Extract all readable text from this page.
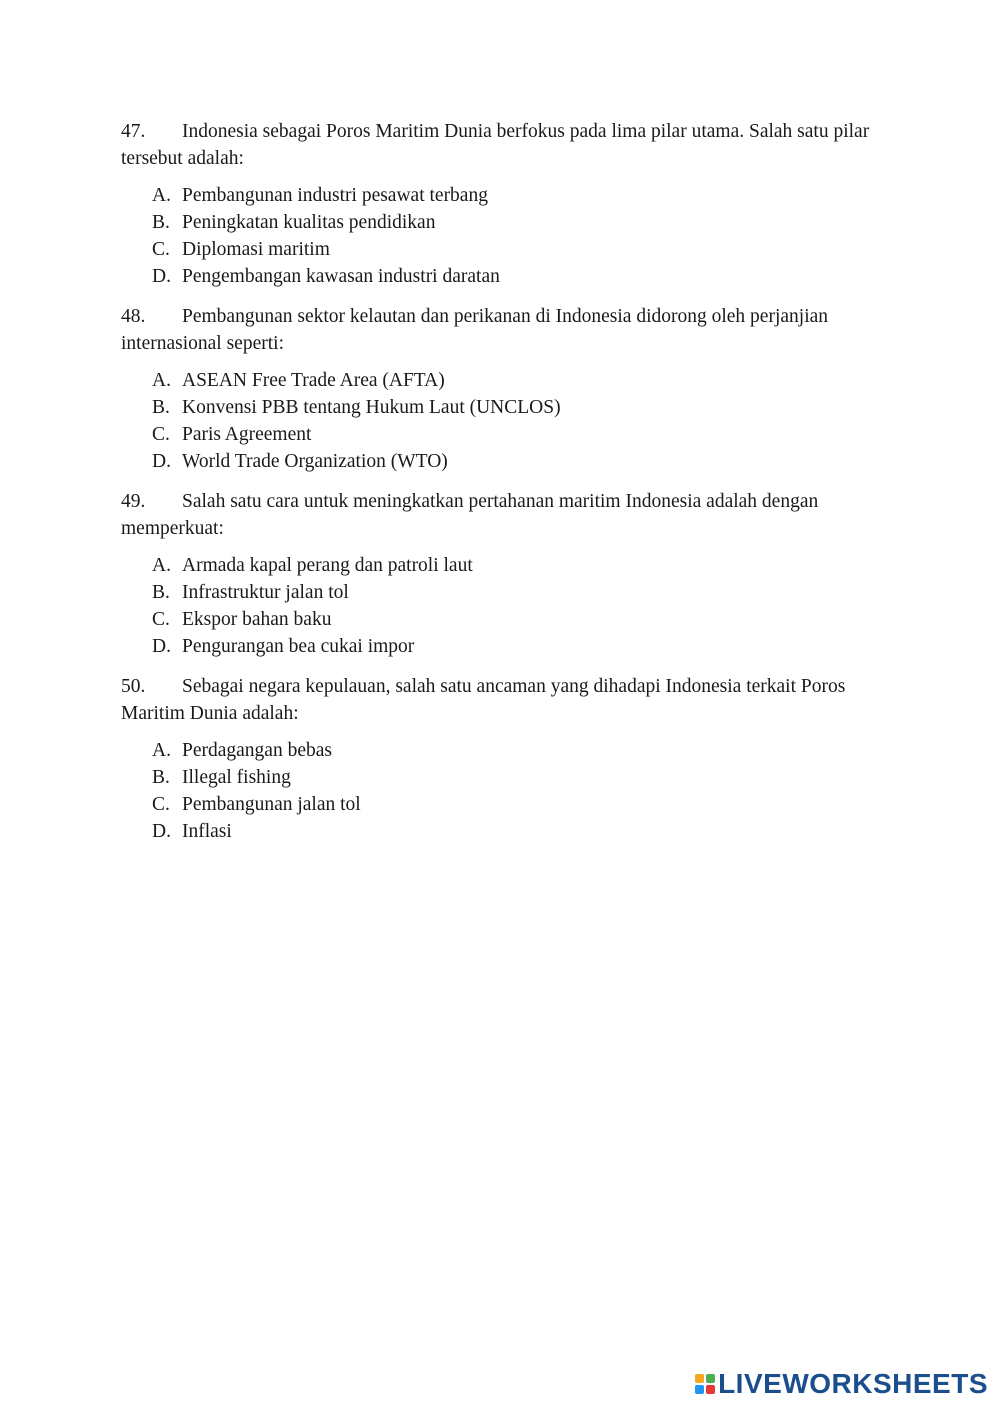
47. Indonesia sebagai Poros Maritim Dunia berfokus pada lima pilar utama. Salah satu pilar tersebut adalah:

A. Pembangunan industri pesawat terbang
B. Peningkatan kualitas pendidikan
C. Diplomasi maritim
D. Pengembangan kawasan industri daratan

48. Pembangunan sektor kelautan dan perikanan di Indonesia didorong oleh perjanjian internasional seperti:

A. ASEAN Free Trade Area (AFTA)
B. Konvensi PBB tentang Hukum Laut (UNCLOS)
C. Paris Agreement
D. World Trade Organization (WTO)

49. Salah satu cara untuk meningkatkan pertahanan maritim Indonesia adalah dengan memperkuat:

A. Armada kapal perang dan patroli laut
B. Infrastruktur jalan tol
C. Ekspor bahan baku
D. Pengurangan bea cukai impor

50. Sebagai negara kepulauan, salah satu ancaman yang dihadapi Indonesia terkait Poros Maritim Dunia adalah:

A. Perdagangan bebas
B. Illegal fishing
C. Pembangunan jalan tol
D. Inflasi
LIVEWORKSHEETS
